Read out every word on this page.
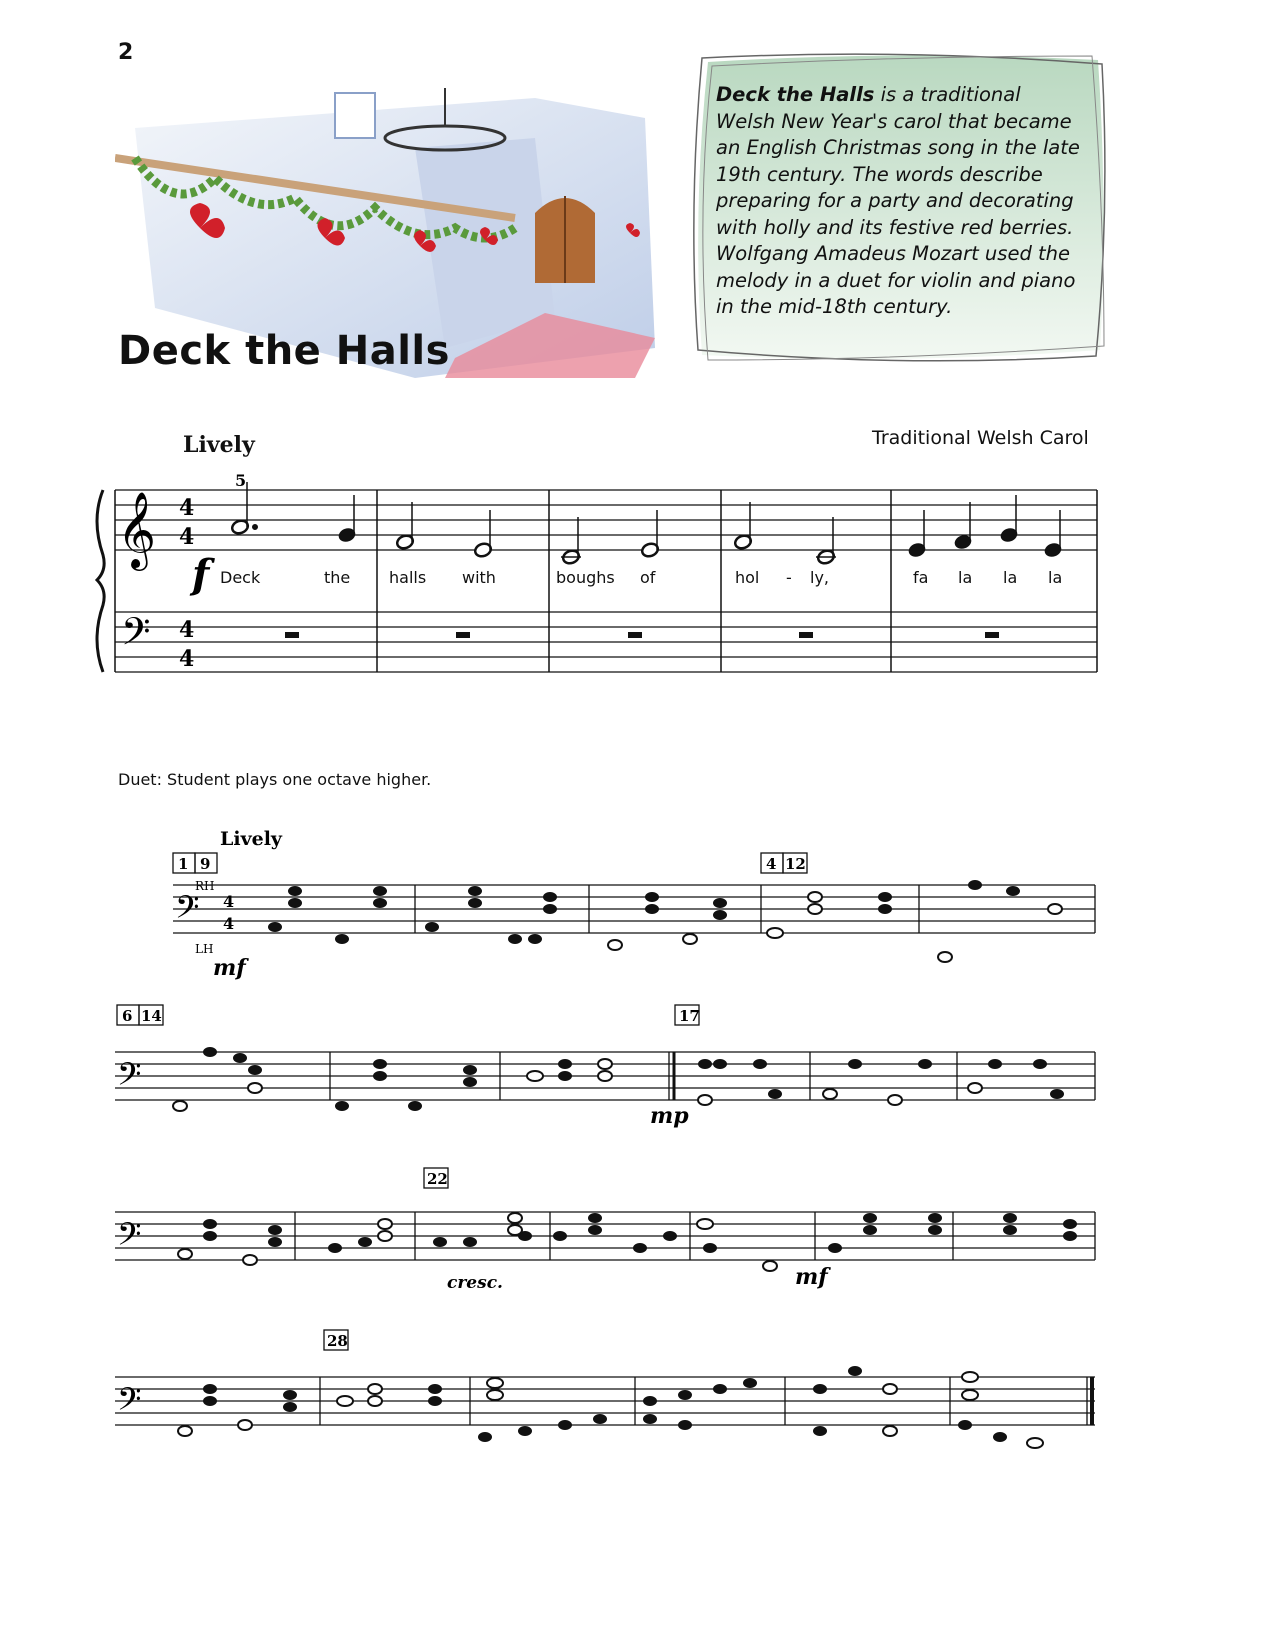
2
Deck the Halls
Deck the Halls is a traditional Welsh New Year's carol that became an English Christmas song in the late 19th century. The words describe preparing for a party and decorating with holly and its festive red berries. Wolfgang Amadeus Mozart used the melody in a duet for violin and piano in the mid-18th century.
Lively	Traditional Welsh Carol
𝄞
𝄢
4
4
4
4
5
f Deck	the halls with	boughs of	hol - ly,	fa la la la
Duet: Student plays one octave higher.
Lively
1 9
RH
LH
𝄢 4
4
4 12
mf
6 14	17
𝄢
mp
22
𝄢
cresc.	mf
28
𝄢
